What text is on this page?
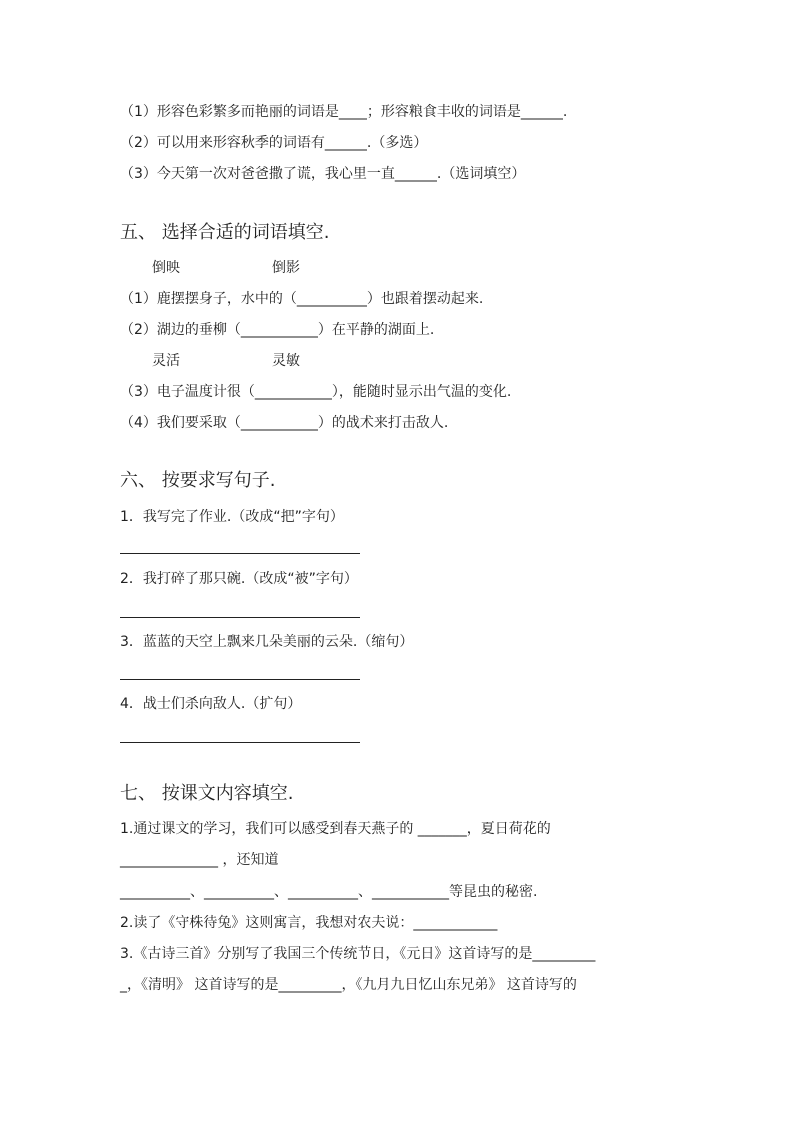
（1）形容色彩繁多而艳丽的词语是____；形容粮食丰收的词语是______.
（2）可以用来形容秋季的词语有______.（多选）
（3）今天第一次对爸爸撒了谎，我心里一直______.（选词填空）
五、 选择合适的词语填空.
倒映	倒影
（1）鹿摆摆身子，水中的（__________）也跟着摆动起来.
（2）湖边的垂柳（___________）在平静的湖面上.
灵活	灵敏
（3）电子温度计很（___________），能随时显示出气温的变化.
（4）我们要采取（___________）的战术来打击敌人.
六、 按要求写句子.
1．我写完了作业.（改成“把”字句）
2．我打碎了那只碗.（改成“被”字句）
3．蓝蓝的天空上飘来几朵美丽的云朵.（缩句）
4．战士们杀向敌人.（扩句）
七、 按课文内容填空.
1.通过课文的学习，我们可以感受到春天燕子的 _______，夏日荷花的
______________ ，还知道
__________、__________、__________、___________等昆虫的秘密.
2.读了《守株待兔》这则寓言，我想对农夫说：____________
3.《古诗三首》分别写了我国三个传统节日，《元日》这首诗写的是_________
_，《清明》 这首诗写的是_________，《九月九日忆山东兄弟》 这首诗写的
